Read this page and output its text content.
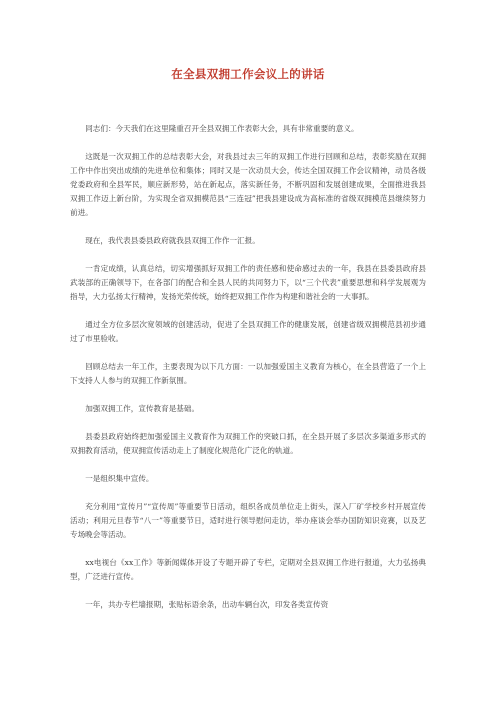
在全县双拥工作会议上的讲话

同志们：今天我们在这里隆重召开全县双拥工作表彰大会，具有非常重要的意义。

这既是一次双拥工作的总结表彰大会，对我县过去三年的双拥工作进行回顾和总结，表彰奖励在双拥工作中作出突出成绩的先进单位和集体；同时又是一次动员大会，传达全国双拥工作会议精神，动员各级党委政府和全县军民，顺应新形势，站在新起点，落实新任务，不断巩固和发展创建成果，全面推进我县双拥工作迈上新台阶，为实现全省双拥模范县“三连冠”把我县建设成为高标准的省级双拥模范县继续努力前进。

现在，我代表县委县政府就我县双拥工作作一汇报。

一肯定成绩，认真总结，切实增强抓好双拥工作的责任感和使命感过去的一年，我县在县委县政府县武装部的正确领导下，在各部门的配合和全县人民的共同努力下，以“三个代表”重要思想和科学发展观为指导，大力弘扬太行精神，发扬光荣传统，始终把双拥工作作为构建和谐社会的一大事抓。

通过全方位多层次宽领域的创建活动，促进了全县双拥工作的健康发展，创建省级双拥模范县初步通过了市里验收。

回顾总结去一年工作，主要表现为以下几方面：一以加强爱国主义教育为核心，在全县营造了一个上下支持人人参与的双拥工作新氛围。

加强双拥工作，宣传教育是基础。

县委县政府始终把加强爱国主义教育作为双拥工作的突破口抓，在全县开展了多层次多渠道多形式的双拥教育活动，使双拥宣传活动走上了制度化规范化广泛化的轨道。

一是组织集中宣传。

充分利用“宣传月”“宣传周”等重要节日活动，组织各成员单位走上街头，深入厂矿学校乡村开展宣传活动；利用元旦春节“八一”等重要节日，适时进行领导慰问走访，举办座谈会举办国防知识竞赛，以及艺专场晚会等活动。

xx电视台《xx工作》等新闻媒体开设了专题开辟了专栏，定期对全县双拥工作进行报道，大力弘扬典型，广泛进行宣传。

一年，共办专栏墙报期，张贴标语余条，出动车辆台次，印发各类宣传资
